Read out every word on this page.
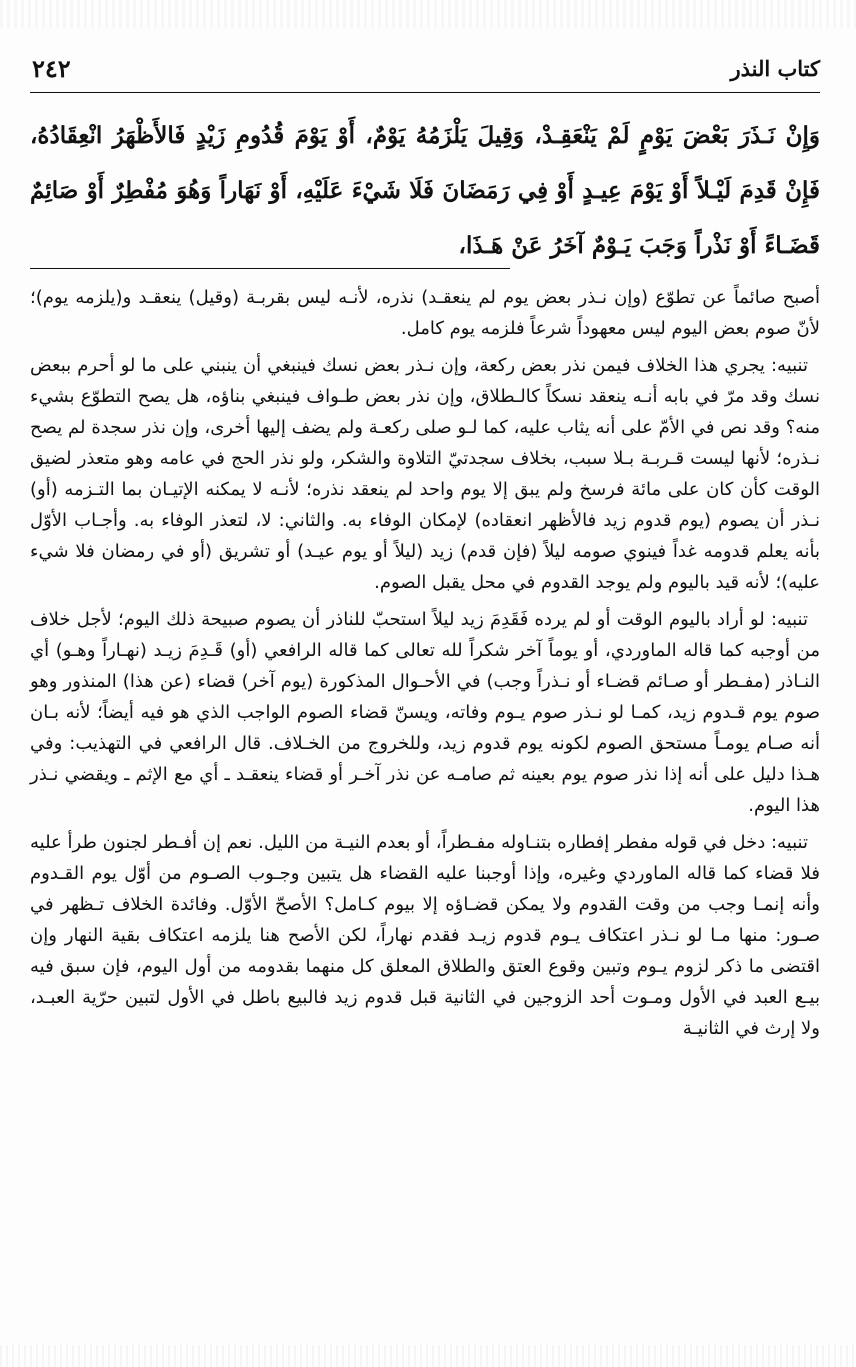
كتاب النذر
٢٤٢
وَإِنْ نَـذَرَ بَعْضَ يَوْمٍ لَمْ يَنْعَقِـدْ، وَقِيلَ يَلْزَمُهُ يَوْمٌ، أَوْ يَوْمَ قُدُومِ زَيْدٍ فَالأَظْهَرُ انْعِقَادُهُ، فَإِنْ قَدِمَ لَيْـلاً أَوْ يَوْمَ عِيـدٍ أَوْ فِي رَمَضَانَ فَلَا شَيْءَ عَلَيْهِ، أَوْ نَهَاراً وَهُوَ مُفْطِرٌ أَوْ صَائِمٌ قَضَـاءً أَوْ نَذْراً وَجَبَ يَـوْمٌ آخَرُ عَنْ هَـذَا،

أصبح صائماً عن تطوّع (وإن نـذر بعض يوم لم ينعقـد) نذره، لأنـه ليس بقربـة (وقيل) ينعقـد و(يلزمه يوم)؛ لأنّ صوم بعض اليوم ليس معهوداً شرعاً فلزمه يوم كامل.

تنبيه: يجري هذا الخلاف فيمن نذر بعض ركعة، وإن نـذر بعض نسك فينبغي أن ينبني على ما لو أحرم ببعض نسك وقد مرّ في بابه أنـه ينعقد نسكاً كالـطلاق، وإن نذر بعض طـواف فينبغي بناؤه، هل يصح التطوّع بشيء منه؟ وقد نص في الأمّ على أنه يثاب عليه، كما لـو صلى ركعـة ولم يضف إليها أخرى، وإن نذر سجدة لم يصح نـذره؛ لأنها ليست قـربـة بـلا سبب، بخلاف سجدتيّ التلاوة والشكر، ولو نذر الحج في عامه وهو متعذر لضيق الوقت كأن كان على مائة فرسخ ولم يبق إلا يوم واحد لم ينعقد نذره؛ لأنـه لا يمكنه الإتيـان بما التـزمه (أو) نـذر أن يصوم (يوم قدوم زيد فالأظهر انعقاده) لإمكان الوفاء به. والثاني: لا، لتعذر الوفاء به. وأجـاب الأوّل بأنه يعلم قدومه غداً فينوي صومه ليلاً (فإن قدم) زيد (ليلاً أو يوم عيـد) أو تشريق (أو في رمضان فلا شيء عليه)؛ لأنه قيد باليوم ولم يوجد القدوم في محل يقبل الصوم.

تنبيه: لو أراد باليوم الوقت أو لم يرده فَقَدِمَ زيد ليلاً استحبّ للناذر أن يصوم صبيحة ذلك اليوم؛ لأجل خلاف من أوجبه كما قاله الماوردي، أو يوماً آخر شكراً لله تعالى كما قاله الرافعي (أو) قَـدِمَ زيـد (نهـاراً وهـو) أي النـاذر (مفـطر أو صـائم قضـاء أو نـذراً وجب) في الأحـوال المذكورة (يوم آخر) قضاء (عن هذا) المنذور وهو صوم يوم قـدوم زيد، كمـا لو نـذر صوم يـوم وفاته، ويسنّ قضاء الصوم الواجب الذي هو فيه أيضاً؛ لأنه بـان أنه صـام يومـاً مستحق الصوم لكونه يوم قدوم زيد، وللخروج من الخـلاف. قال الرافعي في التهذيب: وفي هـذا دليل على أنه إذا نذر صوم يوم بعينه ثم صامـه عن نذر آخـر أو قضاء ينعقـد ـ أي مع الإثم ـ ويقضي نـذر هذا اليوم.

تنبيه: دخل في قوله مفطر إفطاره بتنـاوله مفـطراً، أو بعدم النيـة من الليل. نعم إن أفـطر لجنون طرأ عليه فلا قضاء كما قاله الماوردي وغيره، وإذا أوجبنا عليه القضاء هل يتبين وجـوب الصـوم من أوّل يوم القـدوم وأنه إنمـا وجب من وقت القدوم ولا يمكن قضـاؤه إلا بيوم كـامل؟ الأصحّ الأوّل. وفائدة الخلاف تـظهر في صـور: منها مـا لو نـذر اعتكاف يـوم قدوم زيـد فقدم نهاراً، لكن الأصح هنا يلزمه اعتكاف بقية النهار وإن اقتضى ما ذكر لزوم يـوم وتبين وقوع العتق والطلاق المعلق كل منهما بقدومه من أول اليوم، فإن سبق فيه بيـع العبد في الأول ومـوت أحد الزوجين في الثانية قبل قدوم زيد فالبيع باطل في الأول لتبين حرّية العبـد، ولا إرث في الثانيـة
